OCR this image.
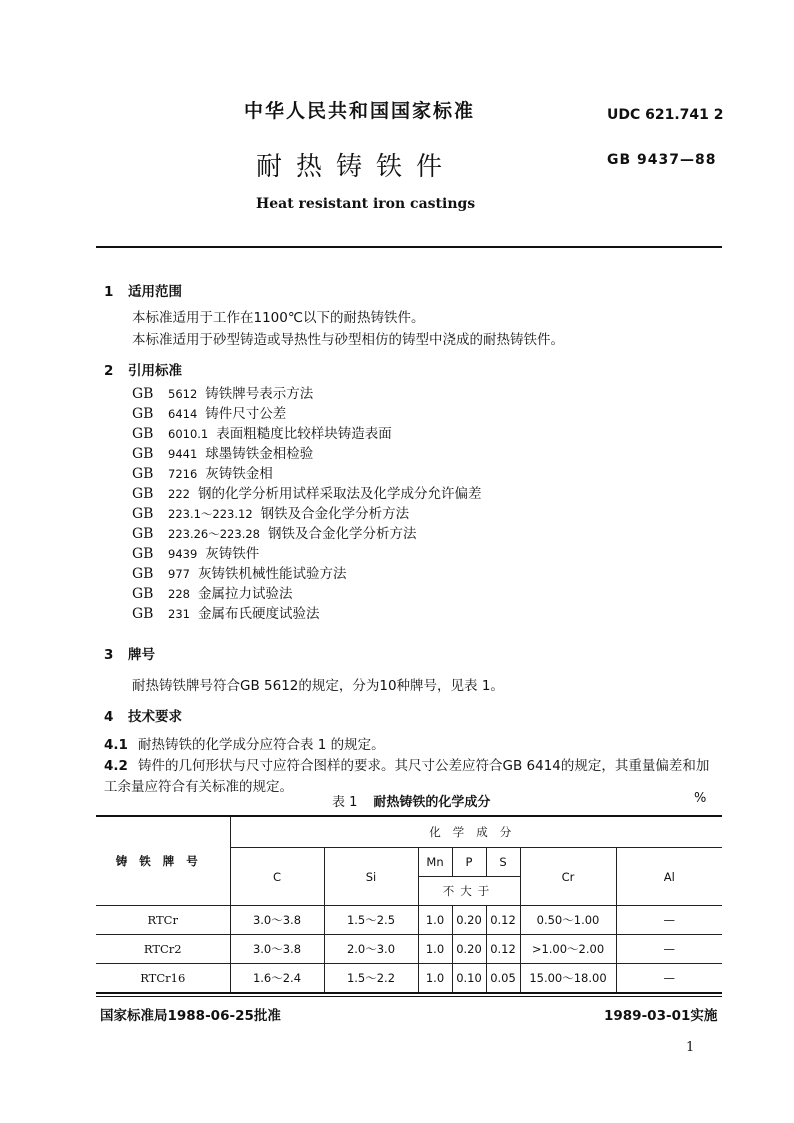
中华人民共和国国家标准	UDC 621.741 2
耐热铸铁件	GB 9437—88
Heat resistant iron castings
1 适用范围
本标准适用于工作在1100℃以下的耐热铸铁件。
本标准适用于砂型铸造或导热性与砂型相仿的铸型中浇成的耐热铸铁件。
2 引用标准
GB 5612 铸铁牌号表示方法
GB 6414 铸件尺寸公差
GB 6010.1 表面粗糙度比较样块铸造表面
GB 9441 球墨铸铁金相检验
GB 7216 灰铸铁金相
GB 222 钢的化学分析用试样采取法及化学成分允许偏差
GB 223.1～223.12 钢铁及合金化学分析方法
GB 223.26～223.28 钢铁及合金化学分析方法
GB 9439 灰铸铁件
GB 977 灰铸铁机械性能试验方法
GB 228 金属拉力试验法
GB 231 金属布氏硬度试验法
3 牌号
耐热铸铁牌号符合GB 5612的规定，分为10种牌号，见表 1。
4 技术要求
4.1 耐热铸铁的化学成分应符合表 1 的规定。
4.2 铸件的几何形状与尺寸应符合图样的要求。其尺寸公差应符合GB 6414的规定，其重量偏差和加
工余量应符合有关标准的规定。
表 1 耐热铸铁的化学成分	%
铸铁牌号	化学成分						
	C	Si	Mn	P	S	Cr	Al
			不大于				
RTCr	3.0～3.8	1.5～2.5	1.0	0.20	0.12	0.50～1.00	—
RTCr2	3.0～3.8	2.0～3.0	1.0	0.20	0.12	>1.00～2.00	—
RTCr16	1.6～2.4	1.5～2.2	1.0	0.10	0.05	15.00～18.00	—
国家标准局1988-06-25批准	1989-03-01实施
1
